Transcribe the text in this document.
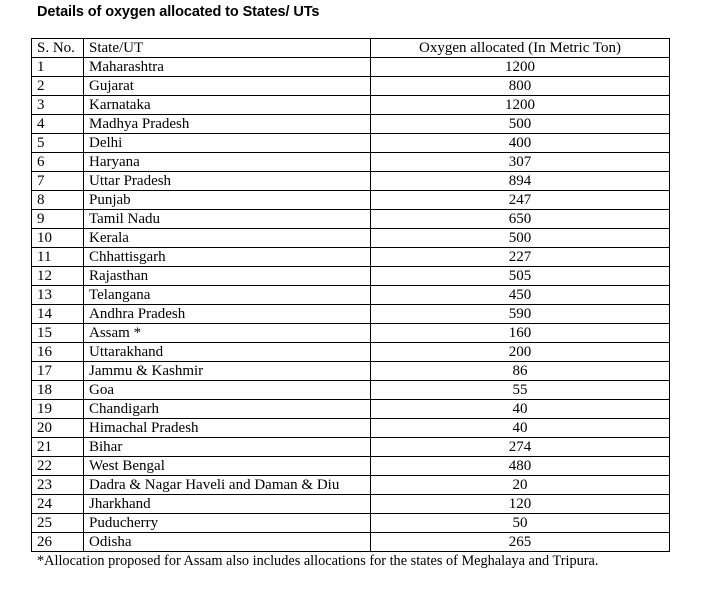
Details of oxygen allocated to States/ UTs
S. No.	State/UT	Oxygen allocated (In Metric Ton)
1	Maharashtra	1200
2	Gujarat	800
3	Karnataka	1200
4	Madhya Pradesh	500
5	Delhi	400
6	Haryana	307
7	Uttar Pradesh	894
8	Punjab	247
9	Tamil Nadu	650
10	Kerala	500
11	Chhattisgarh	227
12	Rajasthan	505
13	Telangana	450
14	Andhra Pradesh	590
15	Assam *	160
16	Uttarakhand	200
17	Jammu & Kashmir	86
18	Goa	55
19	Chandigarh	40
20	Himachal Pradesh	40
21	Bihar	274
22	West Bengal	480
23	Dadra & Nagar Haveli and Daman & Diu	20
24	Jharkhand	120
25	Puducherry	50
26	Odisha	265
*Allocation proposed for Assam also includes allocations for the states of Meghalaya and Tripura.
